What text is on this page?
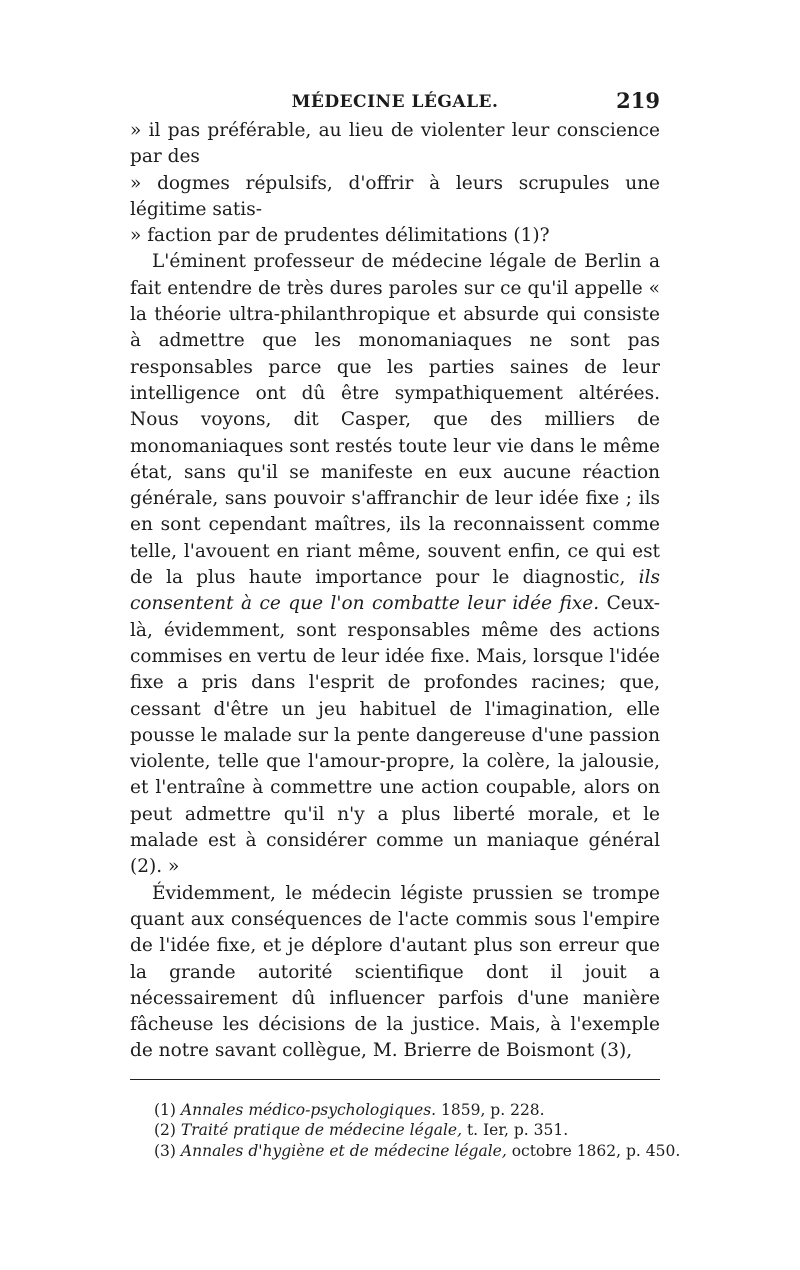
MÉDECINE LÉGALE.	219

» il pas préférable, au lieu de violenter leur conscience par des
» dogmes répulsifs, d'offrir à leurs scrupules une légitime satis-
» faction par de prudentes délimitations (1)?

L'éminent professeur de médecine légale de Berlin a fait entendre de très dures paroles sur ce qu'il appelle « la théorie ultra-philanthropique et absurde qui consiste à admettre que les monomaniaques ne sont pas responsables parce que les parties saines de leur intelligence ont dû être sympathiquement altérées. Nous voyons, dit Casper, que des milliers de monomaniaques sont restés toute leur vie dans le même état, sans qu'il se manifeste en eux aucune réaction générale, sans pouvoir s'affranchir de leur idée fixe ; ils en sont cependant maîtres, ils la reconnaissent comme telle, l'avouent en riant même, souvent enfin, ce qui est de la plus haute importance pour le diagnostic, ils consentent à ce que l'on combatte leur idée fixe. Ceux-là, évidemment, sont responsables même des actions commises en vertu de leur idée fixe. Mais, lorsque l'idée fixe a pris dans l'esprit de profondes racines; que, cessant d'être un jeu habituel de l'imagination, elle pousse le malade sur la pente dangereuse d'une passion violente, telle que l'amour-propre, la colère, la jalousie, et l'entraîne à commettre une action coupable, alors on peut admettre qu'il n'y a plus liberté morale, et le malade est à considérer comme un maniaque général (2). »

Évidemment, le médecin légiste prussien se trompe quant aux conséquences de l'acte commis sous l'empire de l'idée fixe, et je déplore d'autant plus son erreur que la grande autorité scientifique dont il jouit a nécessairement dû influencer parfois d'une manière fâcheuse les décisions de la justice. Mais, à l'exemple de notre savant collègue, M. Brierre de Boismont (3),

(1) Annales médico-psychologiques. 1859, p. 228.
(2) Traité pratique de médecine légale, t. Ier, p. 351.
(3) Annales d'hygiène et de médecine légale, octobre 1862, p. 450.
